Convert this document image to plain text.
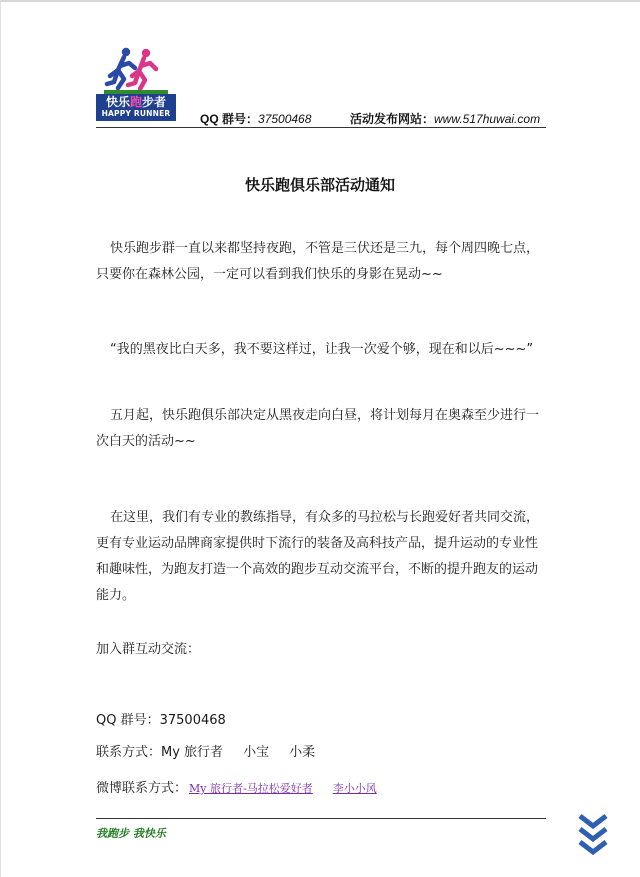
快乐跑步者
HAPPY RUNNER	QQ 群号：37500468	活动发布网站：www.517huwai.com
快乐跑俱乐部活动通知

快乐跑步群一直以来都坚持夜跑，不管是三伏还是三九，每个周四晚七点，只要你在森林公园，一定可以看到我们快乐的身影在晃动~~

“我的黑夜比白天多，我不要这样过，让我一次爱个够，现在和以后~~~”

五月起，快乐跑俱乐部决定从黑夜走向白昼，将计划每月在奥森至少进行一次白天的活动~~

在这里，我们有专业的教练指导，有众多的马拉松与长跑爱好者共同交流，更有专业运动品牌商家提供时下流行的装备及高科技产品，提升运动的专业性和趣味性，为跑友打造一个高效的跑步互动交流平台，不断的提升跑友的运动能力。

加入群互动交流：

QQ 群号：37500468
联系方式：My 旅行者 小宝 小柔
微博联系方式： My 旅行者-马拉松爱好者 李小小风
我跑步 我快乐
